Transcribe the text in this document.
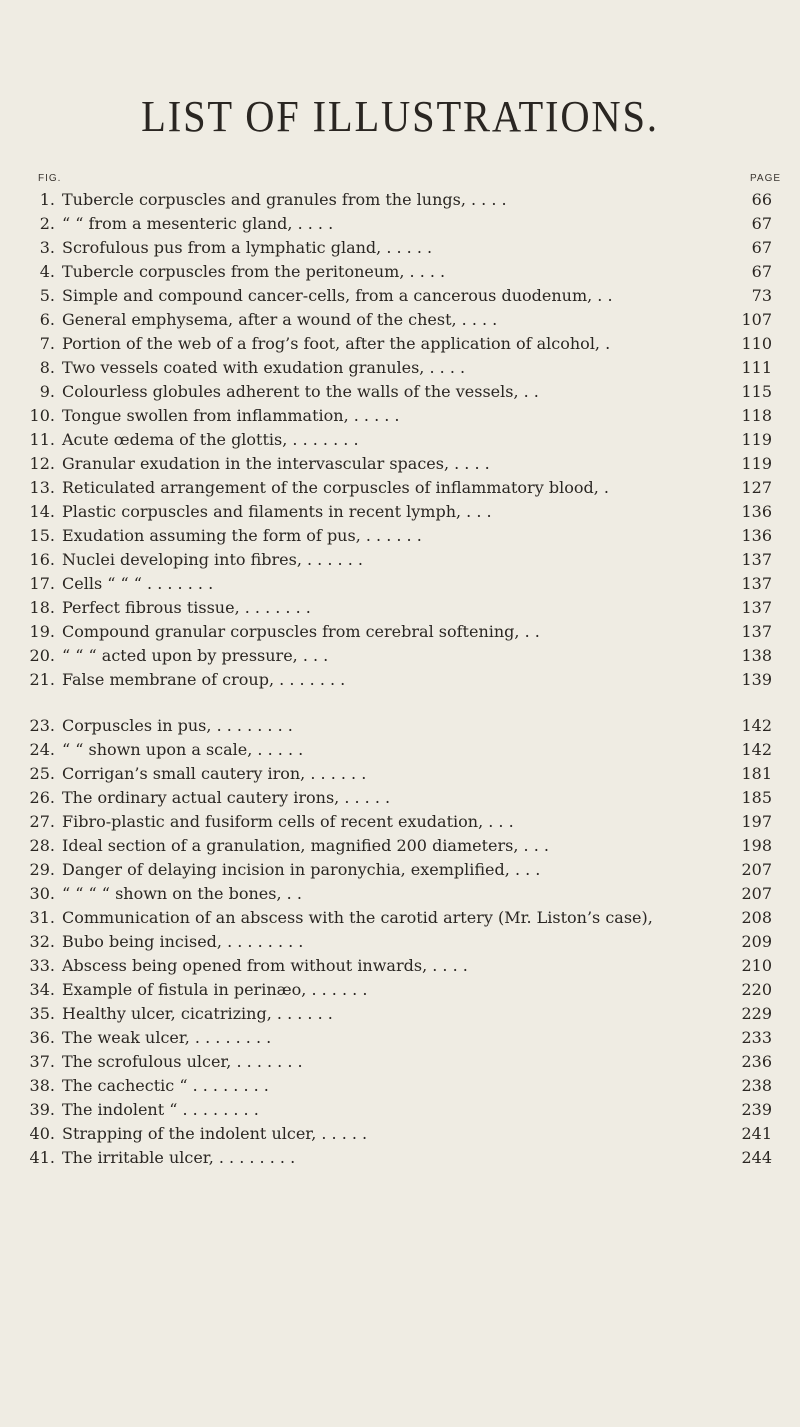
LIST OF ILLUSTRATIONS.
FIG.	PAGE
1. Tubercle corpuscles and granules from the lungs, . . . .	66
2. “ “ from a mesenteric gland, . . . .	67
3. Scrofulous pus from a lymphatic gland, . . . . .	67
4. Tubercle corpuscles from the peritoneum, . . . .	67
5. Simple and compound cancer-cells, from a cancerous duodenum, . .	73
6. General emphysema, after a wound of the chest, . . . .	107
7. Portion of the web of a frog’s foot, after the application of alcohol, .	110
8. Two vessels coated with exudation granules, . . . .	111
9. Colourless globules adherent to the walls of the vessels, . .	115
10. Tongue swollen from inflammation, . . . . .	118
11. Acute œdema of the glottis, . . . . . . .	119
12. Granular exudation in the intervascular spaces, . . . .	119
13. Reticulated arrangement of the corpuscles of inflammatory blood, .	127
14. Plastic corpuscles and filaments in recent lymph, . . .	136
15. Exudation assuming the form of pus, . . . . . .	136
16. Nuclei developing into fibres, . . . . . .	137
17. Cells “ “ “ . . . . . . .	137
18. Perfect fibrous tissue, . . . . . . .	137
19. Compound granular corpuscles from cerebral softening, . .	137
20. “ “ “ acted upon by pressure, . . .	138
21. False membrane of croup, . . . . . . .	139
23. Corpuscles in pus, . . . . . . . .	142
24. “ “ shown upon a scale, . . . . .	142
25. Corrigan’s small cautery iron, . . . . . .	181
26. The ordinary actual cautery irons, . . . . .	185
27. Fibro-plastic and fusiform cells of recent exudation, . . .	197
28. Ideal section of a granulation, magnified 200 diameters, . . .	198
29. Danger of delaying incision in paronychia, exemplified, . . .	207
30. “ “ “ “ shown on the bones, . .	207
31. Communication of an abscess with the carotid artery (Mr. Liston’s case),	208
32. Bubo being incised, . . . . . . . .	209
33. Abscess being opened from without inwards, . . . .	210
34. Example of fistula in perinæo, . . . . . .	220
35. Healthy ulcer, cicatrizing, . . . . . .	229
36. The weak ulcer, . . . . . . . .	233
37. The scrofulous ulcer, . . . . . . .	236
38. The cachectic “ . . . . . . . .	238
39. The indolent “ . . . . . . . .	239
40. Strapping of the indolent ulcer, . . . . .	241
41. The irritable ulcer, . . . . . . . .	244
